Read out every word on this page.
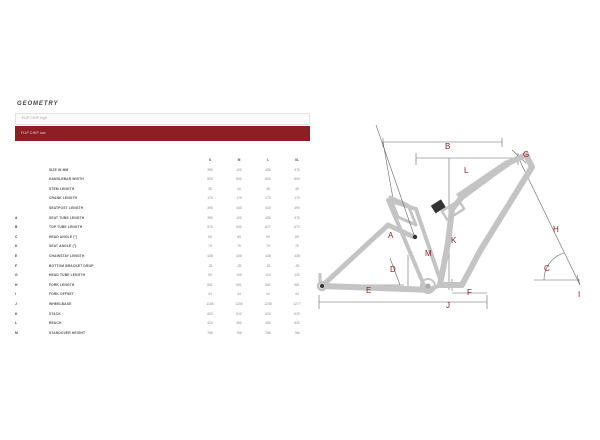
GEOMETRY
FLIP CHIP high
FLIP CHIP low
S	M	L	XL
SIZE IN MM	390	420	455	470
HANDLEBAR WIDTH	800	800	800	800
STEM LENGTH	35	40	45	45
CRANK LENGTH	170	170	170	170
SEATPOST LENGTH	390	440	440	490
A	SEAT TUBE LENGTH	390	420	455	470
B	TOP TUBE LENGTH	570	600	627	672
C	HEAD ANGLE (°)	65	65	65	65
D	SEAT ANGLE (°)	76	76	76	76
E	CHAINSTAY LENGTH	438	438	438	438
F	BOTTOM BRACKET DROP	-25	-25	-25	-25
G	HEAD TUBE LENGTH	95	105	110	120
H	FORK LENGTH	561	561	561	561
I	FORK OFFSET	44	44	44	44
J	WHEELBASE	1166	1200	1238	1277
K	STACK	603	612	620	629
L	REACH	420	450	480	520
M	STANDOVER HEIGHT	766	766	766	766
A
B
C
D
E	F
G
H
I
J
K
L
M
